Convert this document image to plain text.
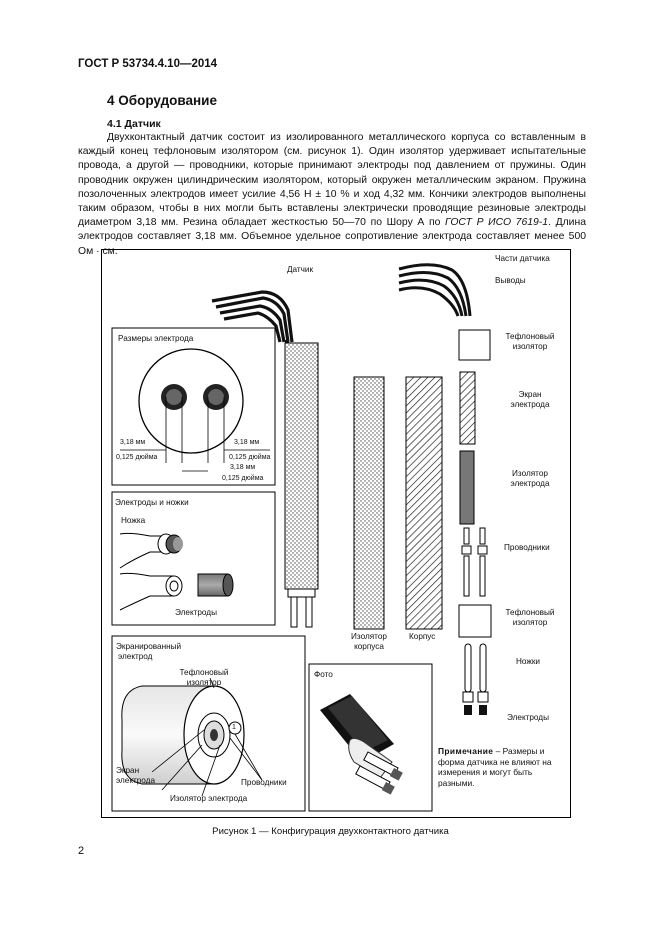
ГОСТ Р 53734.4.10—2014
4 Оборудование
4.1 Датчик
Двухконтактный датчик состоит из изолированного металлического корпуса со вставленным в каждый конец тефлоновым изолятором (см. рисунок 1). Один изолятор удерживает испытательные провода, а другой — проводники, которые принимают электроды под давлением от пружины. Один проводник окружен цилиндрическим изолятором, который окружен металлическим экраном. Пружина позолоченных электродов имеет усилие 4,56 Н ± 10 % и ход 4,32 мм. Кончики электродов выполнены таким образом, чтобы в них могли быть вставлены электрически проводящие резиновые электроды диаметром 3,18 мм. Резина обладает жесткостью 50—70 по Шору А по ГОСТ Р ИСО 7619-1. Длина электродов составляет 3,18 мм. Объемное удельное сопротивление электрода составляет менее 500 Ом · см.
Датчик
Части датчика
Выводы
Размеры электрода
3,18 мм
0,125 дюйма
3,18 мм
0,125 дюйма
3,18 мм
0,125 дюйма
Электроды и ножки
Ножка
Электроды
Экранированный
электрод
Тефлоновый
изолятор
Экран
электрода	Проводники
Изолятор электрода
1
Фото
Изолятор
корпуса
Корпус
Тефлоновый
изолятор
Экран
электрода
Изолятор
электрода
Проводники
Тефлоновый
изолятор
Ножки
Электроды
Примечание – Размеры и форма датчика не влияют на измерения и могут быть разными.
Рисунок 1 — Конфигурация двухконтактного датчика
2
